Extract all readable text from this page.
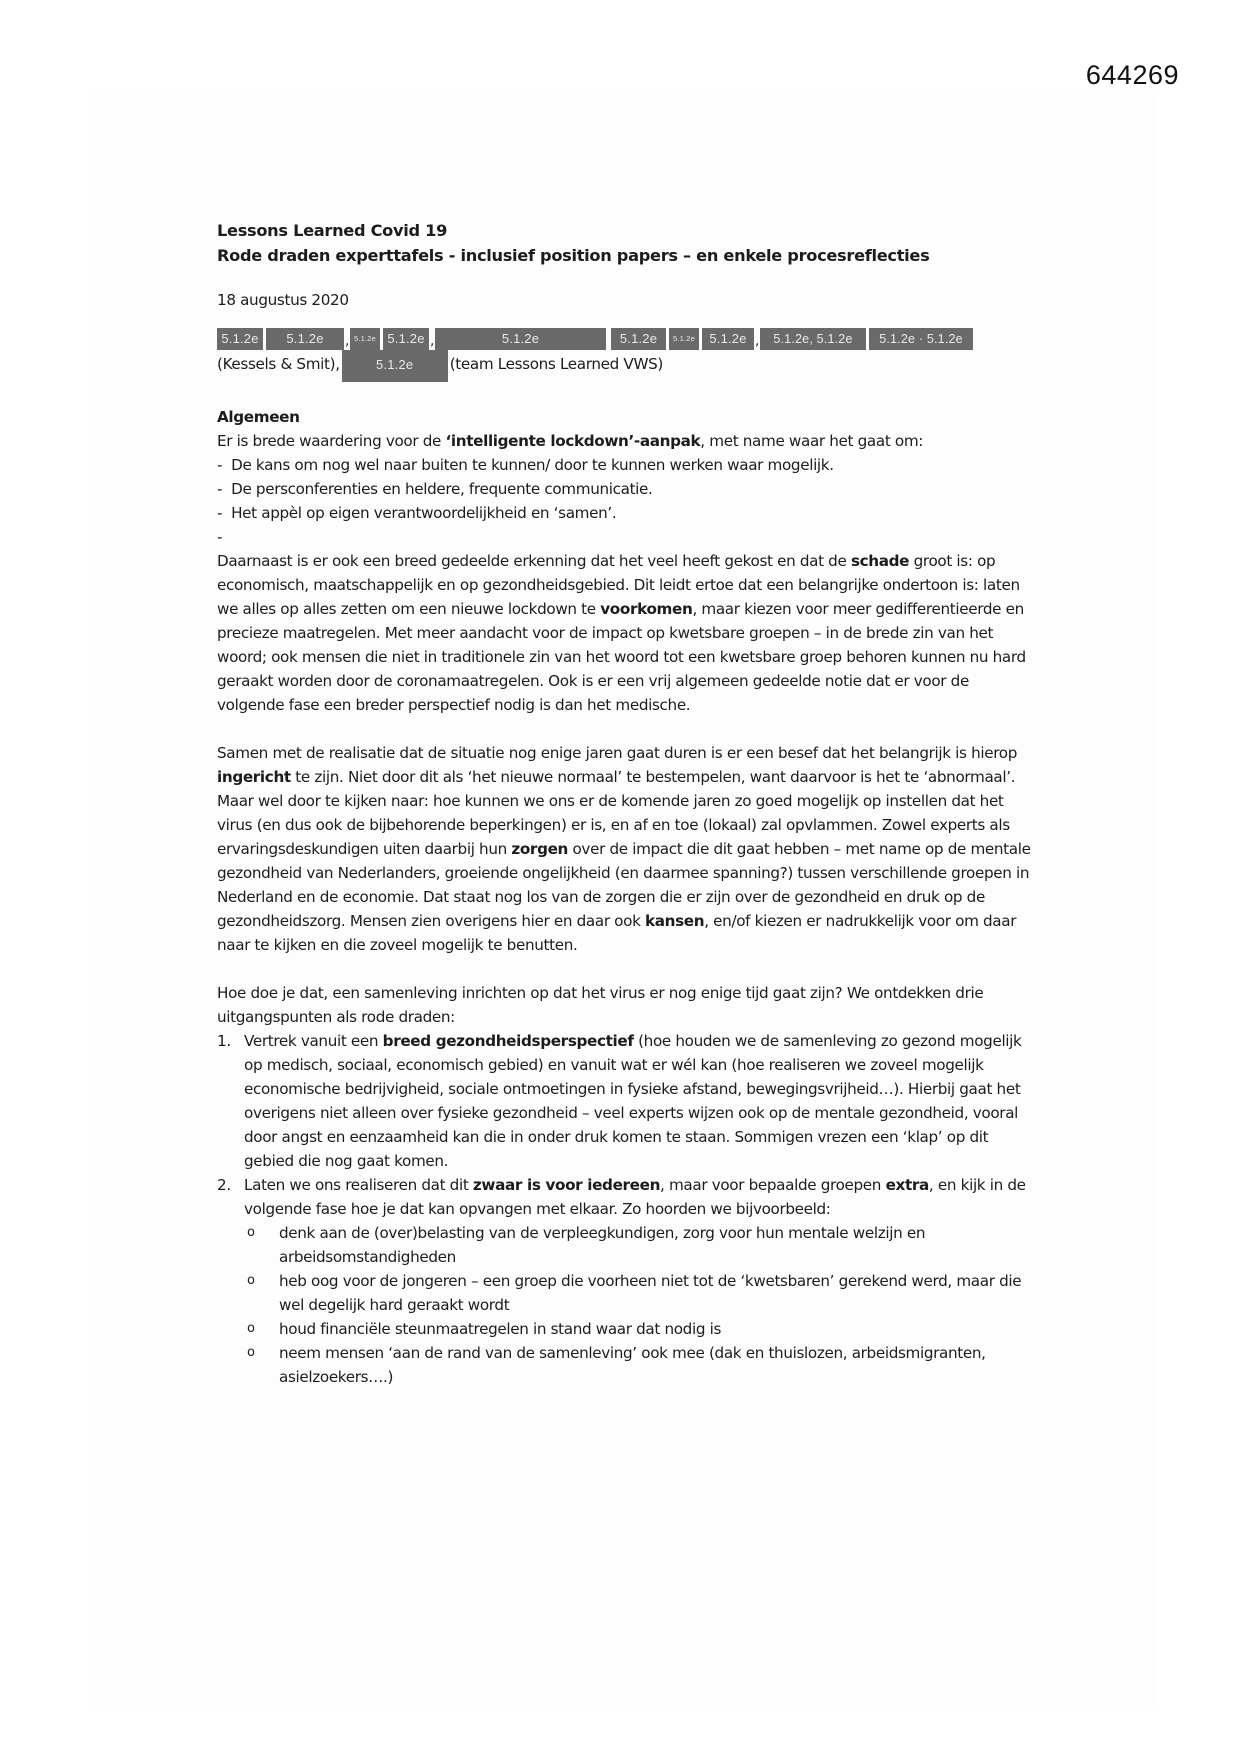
644269
Lessons Learned Covid 19
Rode draden experttafels - inclusief position papers – en enkele procesreflecties
18 augustus 2020
5.1.2e	5.1.2e	, 5.1.2e 5.1.2e ,	5.1.2e	5.1.2e	5.1.2e	5.1.2e ,	5.1.2e, 5.1.2e	5.1.2e · 5.1.2e
(Kessels & Smit),	5.1.2e	(team Lessons Learned VWS)
Algemeen

Er is brede waardering voor de ‘intelligente lockdown’-aanpak, met name waar het gaat om:

- De kans om nog wel naar buiten te kunnen/ door te kunnen werken waar mogelijk.
- De persconferenties en heldere, frequente communicatie.
- Het appèl op eigen verantwoordelijkheid en ‘samen’.
-

Daarnaast is er ook een breed gedeelde erkenning dat het veel heeft gekost en dat de schade groot is: op economisch, maatschappelijk en op gezondheidsgebied. Dit leidt ertoe dat een belangrijke ondertoon is: laten we alles op alles zetten om een nieuwe lockdown te voorkomen, maar kiezen voor meer gedifferentieerde en precieze maatregelen. Met meer aandacht voor de impact op kwetsbare groepen – in de brede zin van het woord; ook mensen die niet in traditionele zin van het woord tot een kwetsbare groep behoren kunnen nu hard geraakt worden door de coronamaatregelen. Ook is er een vrij algemeen gedeelde notie dat er voor de volgende fase een breder perspectief nodig is dan het medische.

Samen met de realisatie dat de situatie nog enige jaren gaat duren is er een besef dat het belangrijk is hierop ingericht te zijn. Niet door dit als ‘het nieuwe normaal’ te bestempelen, want daarvoor is het te ‘abnormaal’. Maar wel door te kijken naar: hoe kunnen we ons er de komende jaren zo goed mogelijk op instellen dat het virus (en dus ook de bijbehorende beperkingen) er is, en af en toe (lokaal) zal opvlammen. Zowel experts als ervaringsdeskundigen uiten daarbij hun zorgen over de impact die dit gaat hebben – met name op de mentale gezondheid van Nederlanders, groeiende ongelijkheid (en daarmee spanning?) tussen verschillende groepen in Nederland en de economie. Dat staat nog los van de zorgen die er zijn over de gezondheid en druk op de gezondheidszorg. Mensen zien overigens hier en daar ook kansen, en/of kiezen er nadrukkelijk voor om daar naar te kijken en die zoveel mogelijk te benutten.

Hoe doe je dat, een samenleving inrichten op dat het virus er nog enige tijd gaat zijn? We ontdekken drie uitgangspunten als rode draden:

1. Vertrek vanuit een breed gezondheidsperspectief (hoe houden we de samenleving zo gezond mogelijk op medisch, sociaal, economisch gebied) en vanuit wat er wél kan (hoe realiseren we zoveel mogelijk economische bedrijvigheid, sociale ontmoetingen in fysieke afstand, bewegingsvrijheid…). Hierbij gaat het overigens niet alleen over fysieke gezondheid – veel experts wijzen ook op de mentale gezondheid, vooral door angst en eenzaamheid kan die in onder druk komen te staan. Sommigen vrezen een ‘klap’ op dit gebied die nog gaat komen.
2. Laten we ons realiseren dat dit zwaar is voor iedereen, maar voor bepaalde groepen extra, en kijk in de volgende fase hoe je dat kan opvangen met elkaar. Zo hoorden we bijvoorbeeld:
o denk aan de (over)belasting van de verpleegkundigen, zorg voor hun mentale welzijn en arbeidsomstandigheden
o heb oog voor de jongeren – een groep die voorheen niet tot de ‘kwetsbaren’ gerekend werd, maar die wel degelijk hard geraakt wordt
o houd financiële steunmaatregelen in stand waar dat nodig is
o neem mensen ‘aan de rand van de samenleving’ ook mee (dak en thuislozen, arbeidsmigranten, asielzoekers….)
